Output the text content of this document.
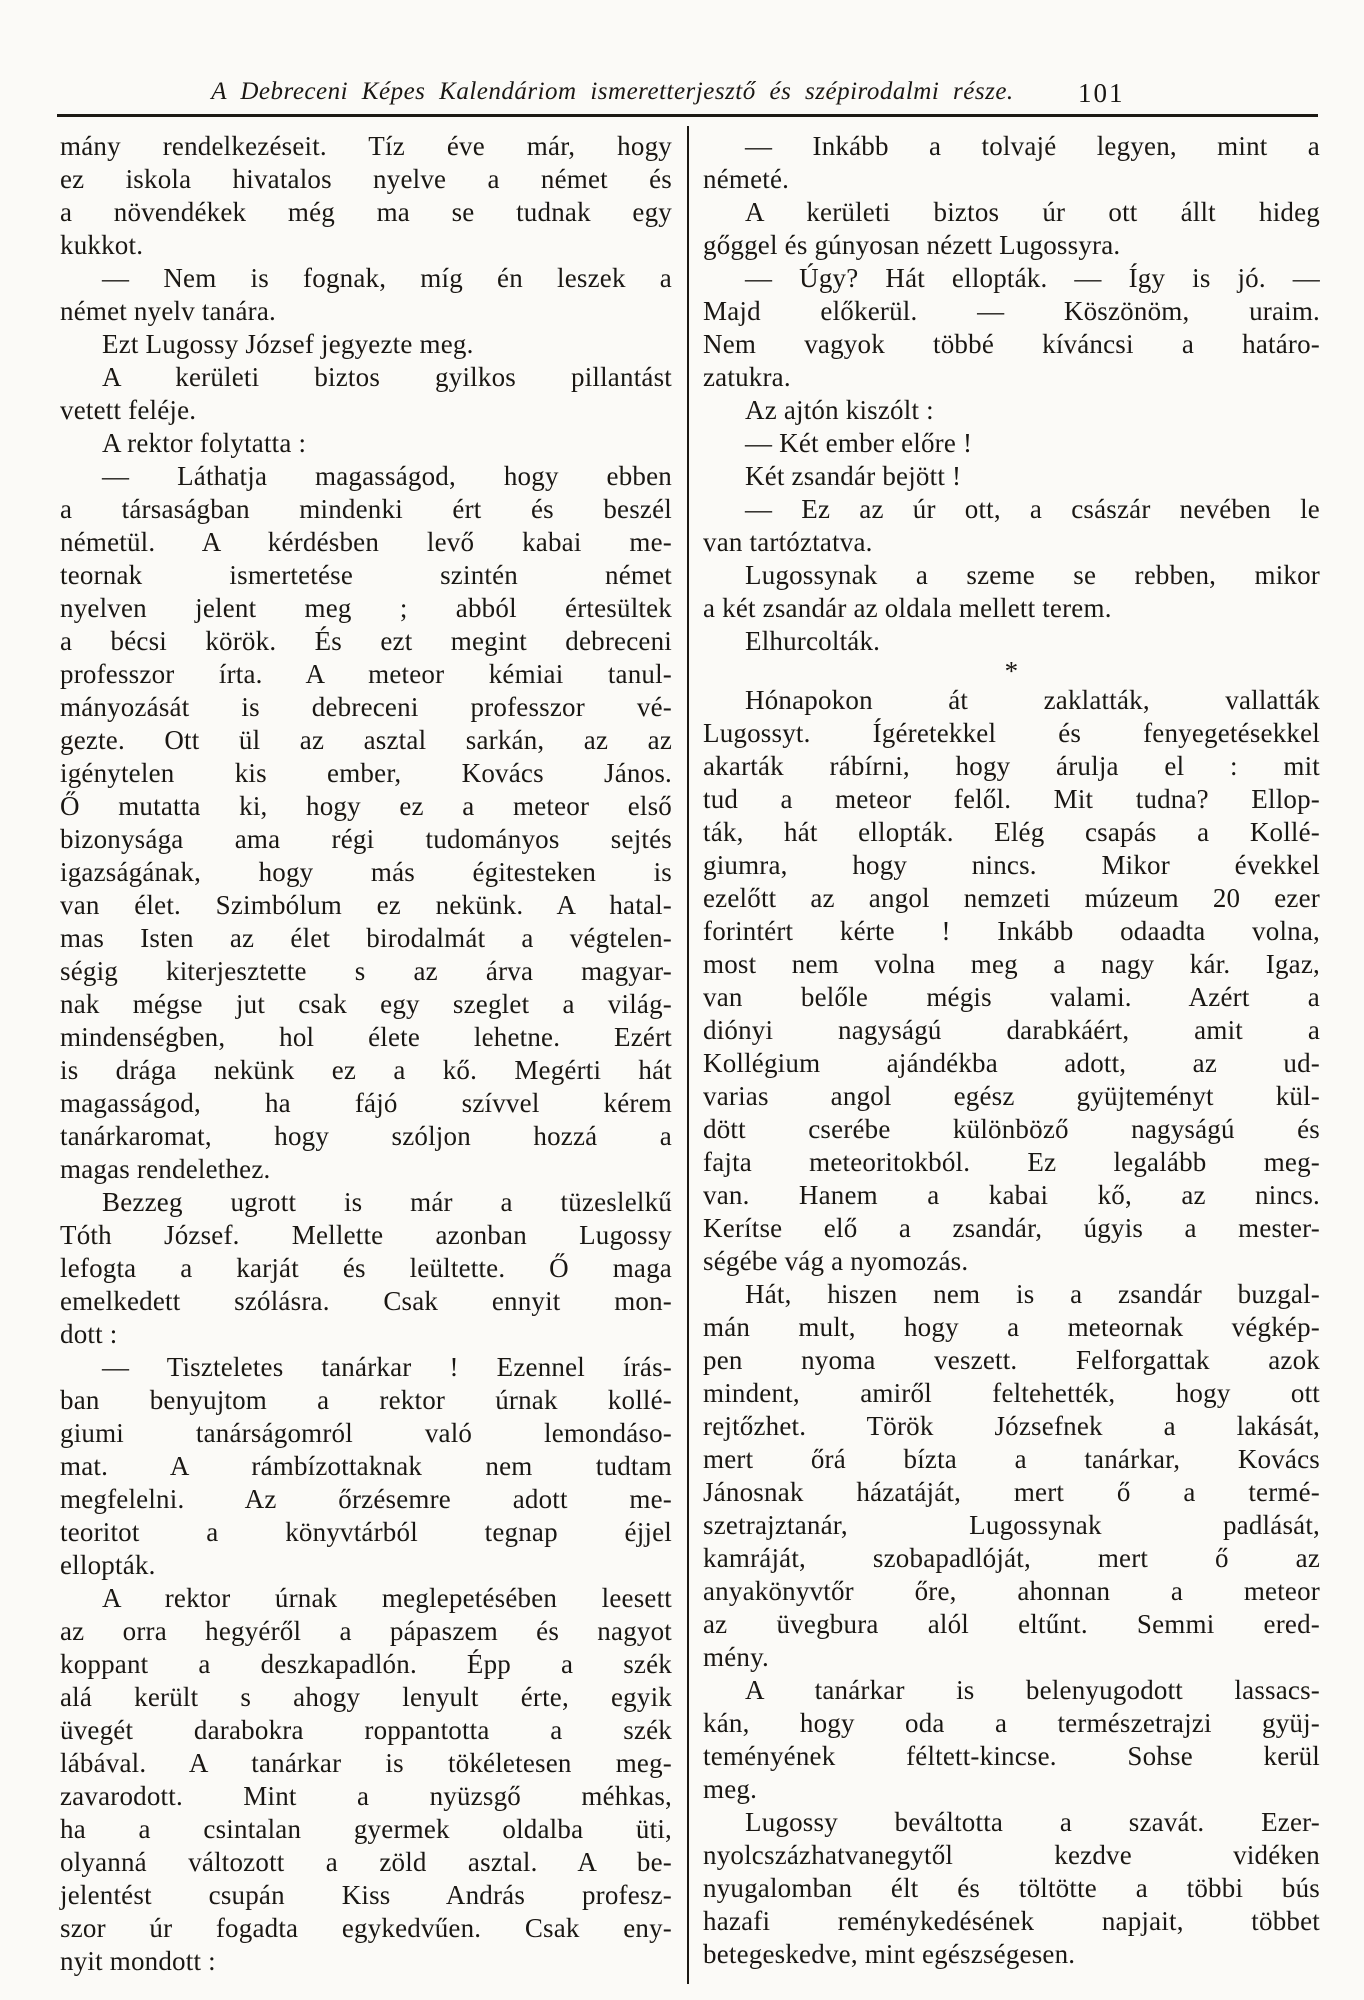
A Debreceni Képes Kalendáriom ismeretterjesztő és szépirodalmi része.	101
mány rendelkezéseit. Tíz éve már, hogy
ez iskola hivatalos nyelve a német és
a növendékek még ma se tudnak egy
kukkot.
— Nem is fognak, míg én leszek a
német nyelv tanára.
Ezt Lugossy József jegyezte meg.
A kerületi biztos gyilkos pillantást
vetett feléje.
A rektor folytatta :
— Láthatja magasságod, hogy ebben
a társaságban mindenki ért és beszél
németül. A kérdésben levő kabai me-
teornak ismertetése szintén német
nyelven jelent meg ; abból értesültek
a bécsi körök. És ezt megint debreceni
professzor írta. A meteor kémiai tanul-
mányozását is debreceni professzor vé-
gezte. Ott ül az asztal sarkán, az az
igénytelen kis ember, Kovács János.
Ő mutatta ki, hogy ez a meteor első
bizonysága ama régi tudományos sejtés
igazságának, hogy más égitesteken is
van élet. Szimbólum ez nekünk. A hatal-
mas Isten az élet birodalmát a végtelen-
ségig kiterjesztette s az árva magyar-
nak mégse jut csak egy szeglet a világ-
mindenségben, hol élete lehetne. Ezért
is drága nekünk ez a kő. Megérti hát
magasságod, ha fájó szívvel kérem
tanárkaromat, hogy szóljon hozzá a
magas rendelethez.
Bezzeg ugrott is már a tüzeslelkű
Tóth József. Mellette azonban Lugossy
lefogta a karját és leültette. Ő maga
emelkedett szólásra. Csak ennyit mon-
dott :
— Tiszteletes tanárkar ! Ezennel írás-
ban benyujtom a rektor úrnak kollé-
giumi tanárságomról való lemondáso-
mat. A rámbízottaknak nem tudtam
megfelelni. Az őrzésemre adott me-
teoritot a könyvtárból tegnap éjjel
ellopták.
A rektor úrnak meglepetésében leesett
az orra hegyéről a pápaszem és nagyot
koppant a deszkapadlón. Épp a szék
alá került s ahogy lenyult érte, egyik
üvegét darabokra roppantotta a szék
lábával. A tanárkar is tökéletesen meg-
zavarodott. Mint a nyüzsgő méhkas,
ha a csintalan gyermek oldalba üti,
olyanná változott a zöld asztal. A be-
jelentést csupán Kiss András profesz-
szor úr fogadta egykedvűen. Csak eny-
nyit mondott :
— Inkább a tolvajé legyen, mint a
németé.
A kerületi biztos úr ott állt hideg
gőggel és gúnyosan nézett Lugossyra.
— Úgy? Hát ellopták. — Így is jó. —
Majd előkerül. — Köszönöm, uraim.
Nem vagyok többé kíváncsi a határo-
zatukra.
Az ajtón kiszólt :
— Két ember előre !
Két zsandár bejött !
— Ez az úr ott, a császár nevében le
van tartóztatva.
Lugossynak a szeme se rebben, mikor
a két zsandár az oldala mellett terem.
Elhurcolták.
*
Hónapokon át zaklatták, vallatták
Lugossyt. Ígéretekkel és fenyegetésekkel
akarták rábírni, hogy árulja el : mit
tud a meteor felől. Mit tudna? Ellop-
ták, hát ellopták. Elég csapás a Kollé-
giumra, hogy nincs. Mikor évekkel
ezelőtt az angol nemzeti múzeum 20 ezer
forintért kérte ! Inkább odaadta volna,
most nem volna meg a nagy kár. Igaz,
van belőle mégis valami. Azért a
diónyi nagyságú darabkáért, amit a
Kollégium ajándékba adott, az ud-
varias angol egész gyüjteményt kül-
dött cserébe különböző nagyságú és
fajta meteoritokból. Ez legalább meg-
van. Hanem a kabai kő, az nincs.
Kerítse elő a zsandár, úgyis a mester-
ségébe vág a nyomozás.
Hát, hiszen nem is a zsandár buzgal-
mán mult, hogy a meteornak végkép-
pen nyoma veszett. Felforgattak azok
mindent, amiről feltehették, hogy ott
rejtőzhet. Török Józsefnek a lakását,
mert őrá bízta a tanárkar, Kovács
Jánosnak házatáját, mert ő a termé-
szetrajztanár, Lugossynak padlását,
kamráját, szobapadlóját, mert ő az
anyakönyvtőr őre, ahonnan a meteor
az üvegbura alól eltűnt. Semmi ered-
mény.
A tanárkar is belenyugodott lassacs-
kán, hogy oda a természetrajzi gyüj-
teményének féltett-kincse. Sohse kerül
meg.
Lugossy beváltotta a szavát. Ezer-
nyolcszázhatvanegytől kezdve vidéken
nyugalomban élt és töltötte a többi bús
hazafi reménykedésének napjait, többet
betegeskedve, mint egészségesen.
